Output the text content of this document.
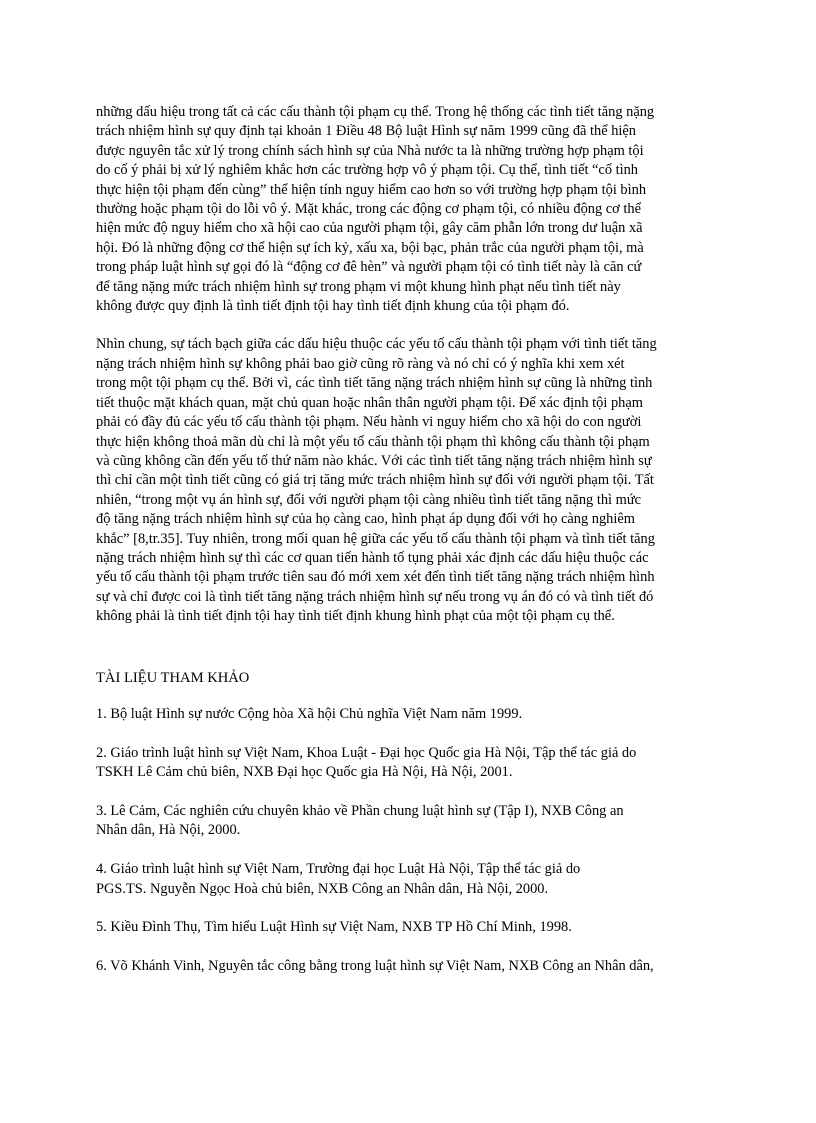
những dấu hiệu trong tất cả các cấu thành tội phạm cụ thể. Trong hệ thống các tình tiết tăng nặng
trách nhiệm hình sự quy định tại khoản 1 Điều 48 Bộ luật Hình sự năm 1999 cũng đã thể hiện
được nguyên tắc xử lý trong chính sách hình sự của Nhà nước ta là những trường hợp phạm tội
do cố ý phải bị xử lý nghiêm khắc hơn các trường hợp vô ý phạm tội. Cụ thể, tình tiết “cố tình
thực hiện tội phạm đến cùng” thể hiện tính nguy hiểm cao hơn so với trường hợp phạm tội bình
thường hoặc phạm tội do lỗi vô ý. Mặt khác, trong các động cơ phạm tội, có nhiều động cơ thể
hiện mức độ nguy hiểm cho xã hội cao của người phạm tội, gây căm phẫn lớn trong dư luận xã
hội. Đó là những động cơ thể hiện sự ích kỷ, xấu xa, bội bạc, phản trắc của người phạm tội, mà
trong pháp luật hình sự gọi đó là “động cơ đê hèn” và người phạm tội có tình tiết này là căn cứ
để tăng nặng mức trách nhiệm hình sự trong phạm vi một khung hình phạt nếu tình tiết này
không được quy định là tình tiết định tội hay tình tiết định khung của tội phạm đó.

Nhìn chung, sự tách bạch giữa các dấu hiệu thuộc các yếu tố cấu thành tội phạm với tình tiết tăng
nặng trách nhiệm hình sự không phải bao giờ cũng rõ ràng và nó chỉ có ý nghĩa khi xem xét
trong một tội phạm cụ thể. Bởi vì, các tình tiết tăng nặng trách nhiệm hình sự cũng là những tình
tiết thuộc mặt khách quan, mặt chủ quan hoặc nhân thân người phạm tội. Để xác định tội phạm
phải có đầy đủ các yếu tố cấu thành tội phạm. Nếu hành vi nguy hiểm cho xã hội do con người
thực hiện không thoả mãn dù chỉ là một yếu tố cấu thành tội phạm thì không cấu thành tội phạm
và cũng không cần đến yếu tố thứ năm nào khác. Với các tình tiết tăng nặng trách nhiệm hình sự
thì chỉ cần một tình tiết cũng có giá trị tăng mức trách nhiệm hình sự đối với người phạm tội. Tất
nhiên, “trong một vụ án hình sự, đối với người phạm tội càng nhiều tình tiết tăng nặng thì mức
độ tăng nặng trách nhiệm hình sự của họ càng cao, hình phạt áp dụng đối với họ càng nghiêm
khắc” [8,tr.35]. Tuy nhiên, trong mối quan hệ giữa các yếu tố cấu thành tội phạm và tình tiết tăng
nặng trách nhiệm hình sự thì các cơ quan tiến hành tố tụng phải xác định các dấu hiệu thuộc các
yếu tố cấu thành tội phạm trước tiên sau đó mới xem xét đến tình tiết tăng nặng trách nhiệm hình
sự và chỉ được coi là tình tiết tăng nặng trách nhiệm hình sự nếu trong vụ án đó có và tình tiết đó
không phải là tình tiết định tội hay tình tiết định khung hình phạt của một tội phạm cụ thể.

TÀI LIỆU THAM KHẢO
1. Bộ luật Hình sự nước Cộng hòa Xã hội Chủ nghĩa Việt Nam năm 1999.
2. Giáo trình luật hình sự Việt Nam, Khoa Luật - Đại học Quốc gia Hà Nội, Tập thể tác giả do
TSKH Lê Cảm chủ biên, NXB Đại học Quốc gia Hà Nội, Hà Nội, 2001.
3. Lê Cảm, Các nghiên cứu chuyên khảo về Phần chung luật hình sự (Tập I), NXB Công an
Nhân dân, Hà Nội, 2000.
4. Giáo trình luật hình sự Việt Nam, Trường đại học Luật Hà Nội, Tập thể tác giả do
PGS.TS. Nguyễn Ngọc Hoà chủ biên, NXB Công an Nhân dân, Hà Nội, 2000.
5. Kiều Đình Thụ, Tìm hiểu Luật Hình sự Việt Nam, NXB TP Hồ Chí Minh, 1998.
6. Võ Khánh Vinh, Nguyên tắc công bằng trong luật hình sự Việt Nam, NXB Công an Nhân dân,
